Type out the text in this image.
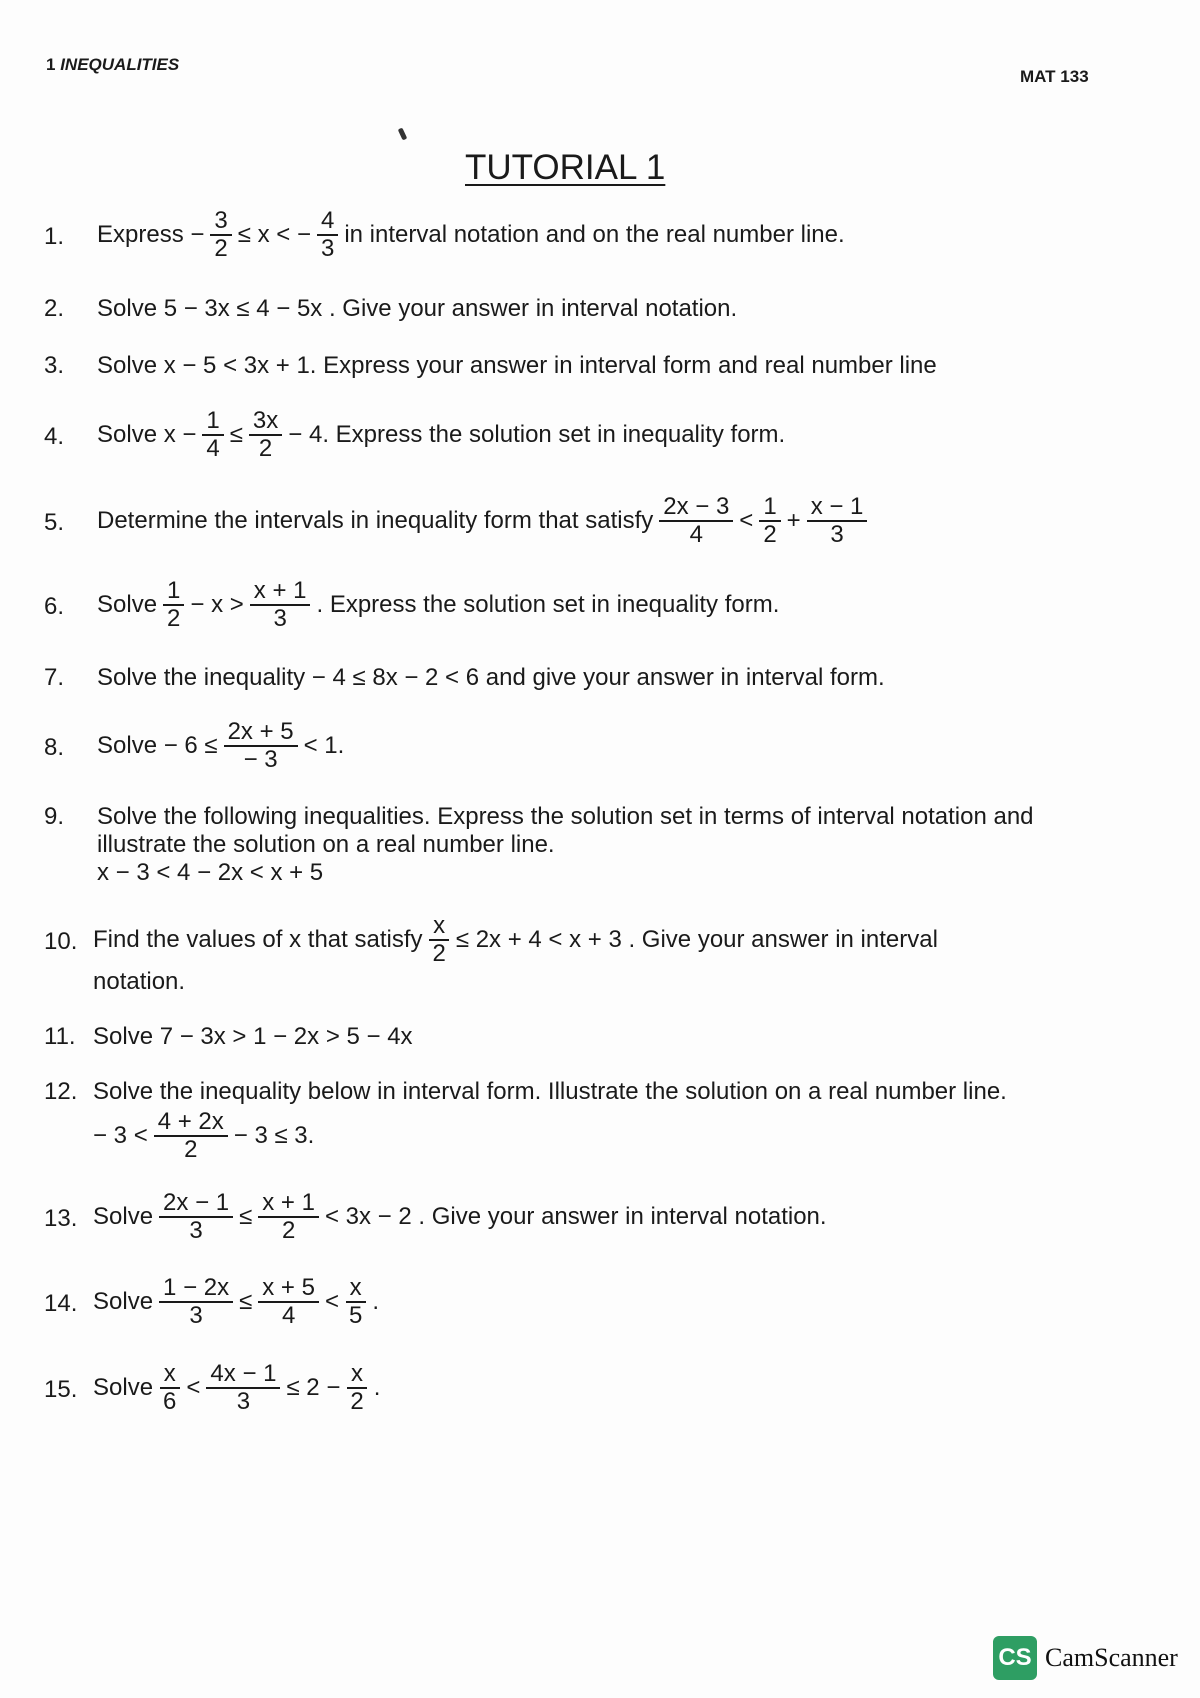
1 INEQUALITIES
MAT 133
TUTORIAL 1
1. Express − $\frac{3}{2} \le x$ < − $\frac{4}{3}$ in interval notation and on the real number line.
2. Solve 5 − 3x ≤ 4 − 5x . Give your answer in interval notation.
3. Solve x − 5 < 3x + 1. Express your answer in interval form and real number line
4. Solve $x - \frac{1}{4} \le \frac{3x}{2} - 4$. Express the solution set in inequality form.
5. Determine the intervals in inequality form that satisfy $\frac{2x - 3}{4} < \frac{1}{2} + \frac{x - 1}{3}$
6. Solve $\frac{1}{2} - x > \frac{x + 1}{3}$ . Express the solution set in inequality form.
7. Solve the inequality − 4 ≤ 8x − 2 < 6 and give your answer in interval form.
8. Solve − $6 \le \frac{2x + 5}{- 3} < 1$.
9. Solve the following inequalities. Express the solution set in terms of interval notation and
illustrate the solution on a real number line.
x − 3 < 4 − 2x < x + 5
10. Find the values of x that satisfy $\frac{x}{2} \le 2x + 4 < x + 3$ . Give your answer in interval
notation.
11. Solve 7 − 3x > 1 − 2x > 5 − 4x
12. Solve the inequality below in interval form. Illustrate the solution on a real number line.
− $3 < \frac{4 + 2x}{2} - 3 \le 3$.
13. Solve $\frac{2x - 1}{3} \le \frac{x + 1}{2} < 3x - 2$ . Give your answer in interval notation.
14. Solve $\frac{1 - 2x}{3} \le \frac{x + 5}{4} < \frac{x}{5}$ .
15. Solve $\frac{x}{6} < \frac{4x - 1}{3} \le 2 - \frac{x}{2}$ .
CS CamScanner
